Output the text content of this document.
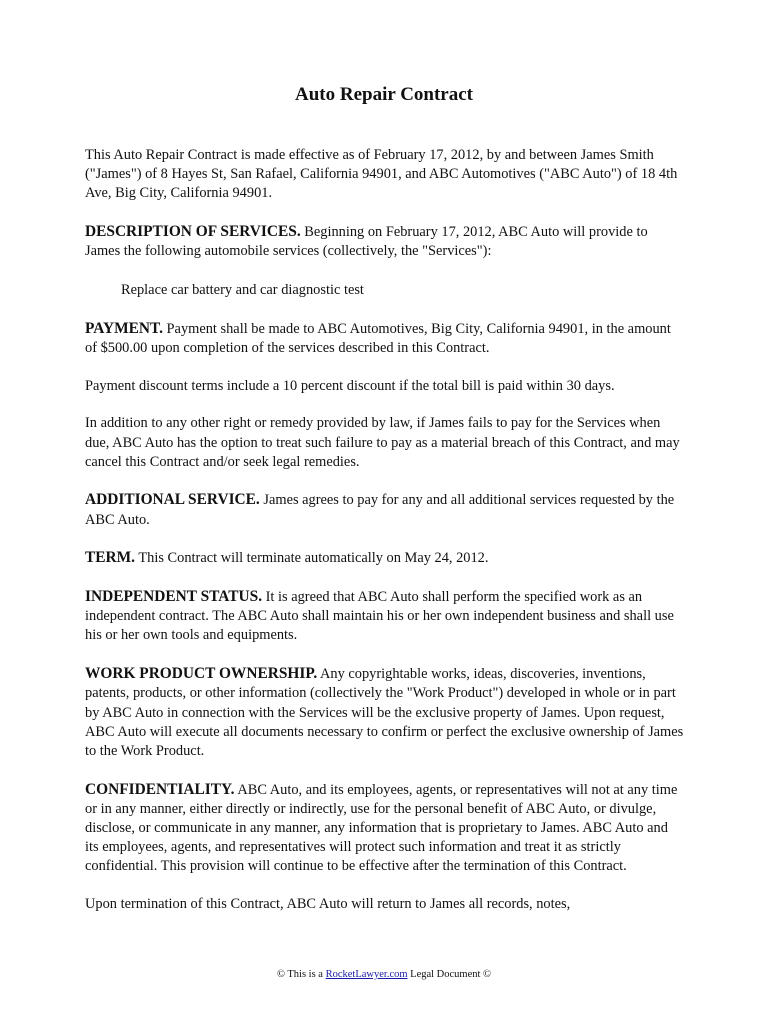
Auto Repair Contract

This Auto Repair Contract is made effective as of February 17, 2012, by and between James Smith ("James") of 8 Hayes St, San Rafael, California 94901, and ABC Automotives ("ABC Auto") of 18 4th Ave, Big City, California 94901.

DESCRIPTION OF SERVICES. Beginning on February 17, 2012, ABC Auto will provide to James the following automobile services (collectively, the "Services"):

Replace car battery and car diagnostic test

PAYMENT. Payment shall be made to ABC Automotives, Big City, California 94901, in the amount of $500.00 upon completion of the services described in this Contract.

Payment discount terms include a 10 percent discount if the total bill is paid within 30 days.

In addition to any other right or remedy provided by law, if James fails to pay for the Services when due, ABC Auto has the option to treat such failure to pay as a material breach of this Contract, and may cancel this Contract and/or seek legal remedies.

ADDITIONAL SERVICE. James agrees to pay for any and all additional services requested by the ABC Auto.

TERM. This Contract will terminate automatically on May 24, 2012.

INDEPENDENT STATUS. It is agreed that ABC Auto shall perform the specified work as an independent contract. The ABC Auto shall maintain his or her own independent business and shall use his or her own tools and equipments.

WORK PRODUCT OWNERSHIP. Any copyrightable works, ideas, discoveries, inventions, patents, products, or other information (collectively the "Work Product") developed in whole or in part by ABC Auto in connection with the Services will be the exclusive property of James. Upon request, ABC Auto will execute all documents necessary to confirm or perfect the exclusive ownership of James to the Work Product.

CONFIDENTIALITY. ABC Auto, and its employees, agents, or representatives will not at any time or in any manner, either directly or indirectly, use for the personal benefit of ABC Auto, or divulge, disclose, or communicate in any manner, any information that is proprietary to James. ABC Auto and its employees, agents, and representatives will protect such information and treat it as strictly confidential. This provision will continue to be effective after the termination of this Contract.

Upon termination of this Contract, ABC Auto will return to James all records, notes,

© This is a RocketLawyer.com Legal Document ©
